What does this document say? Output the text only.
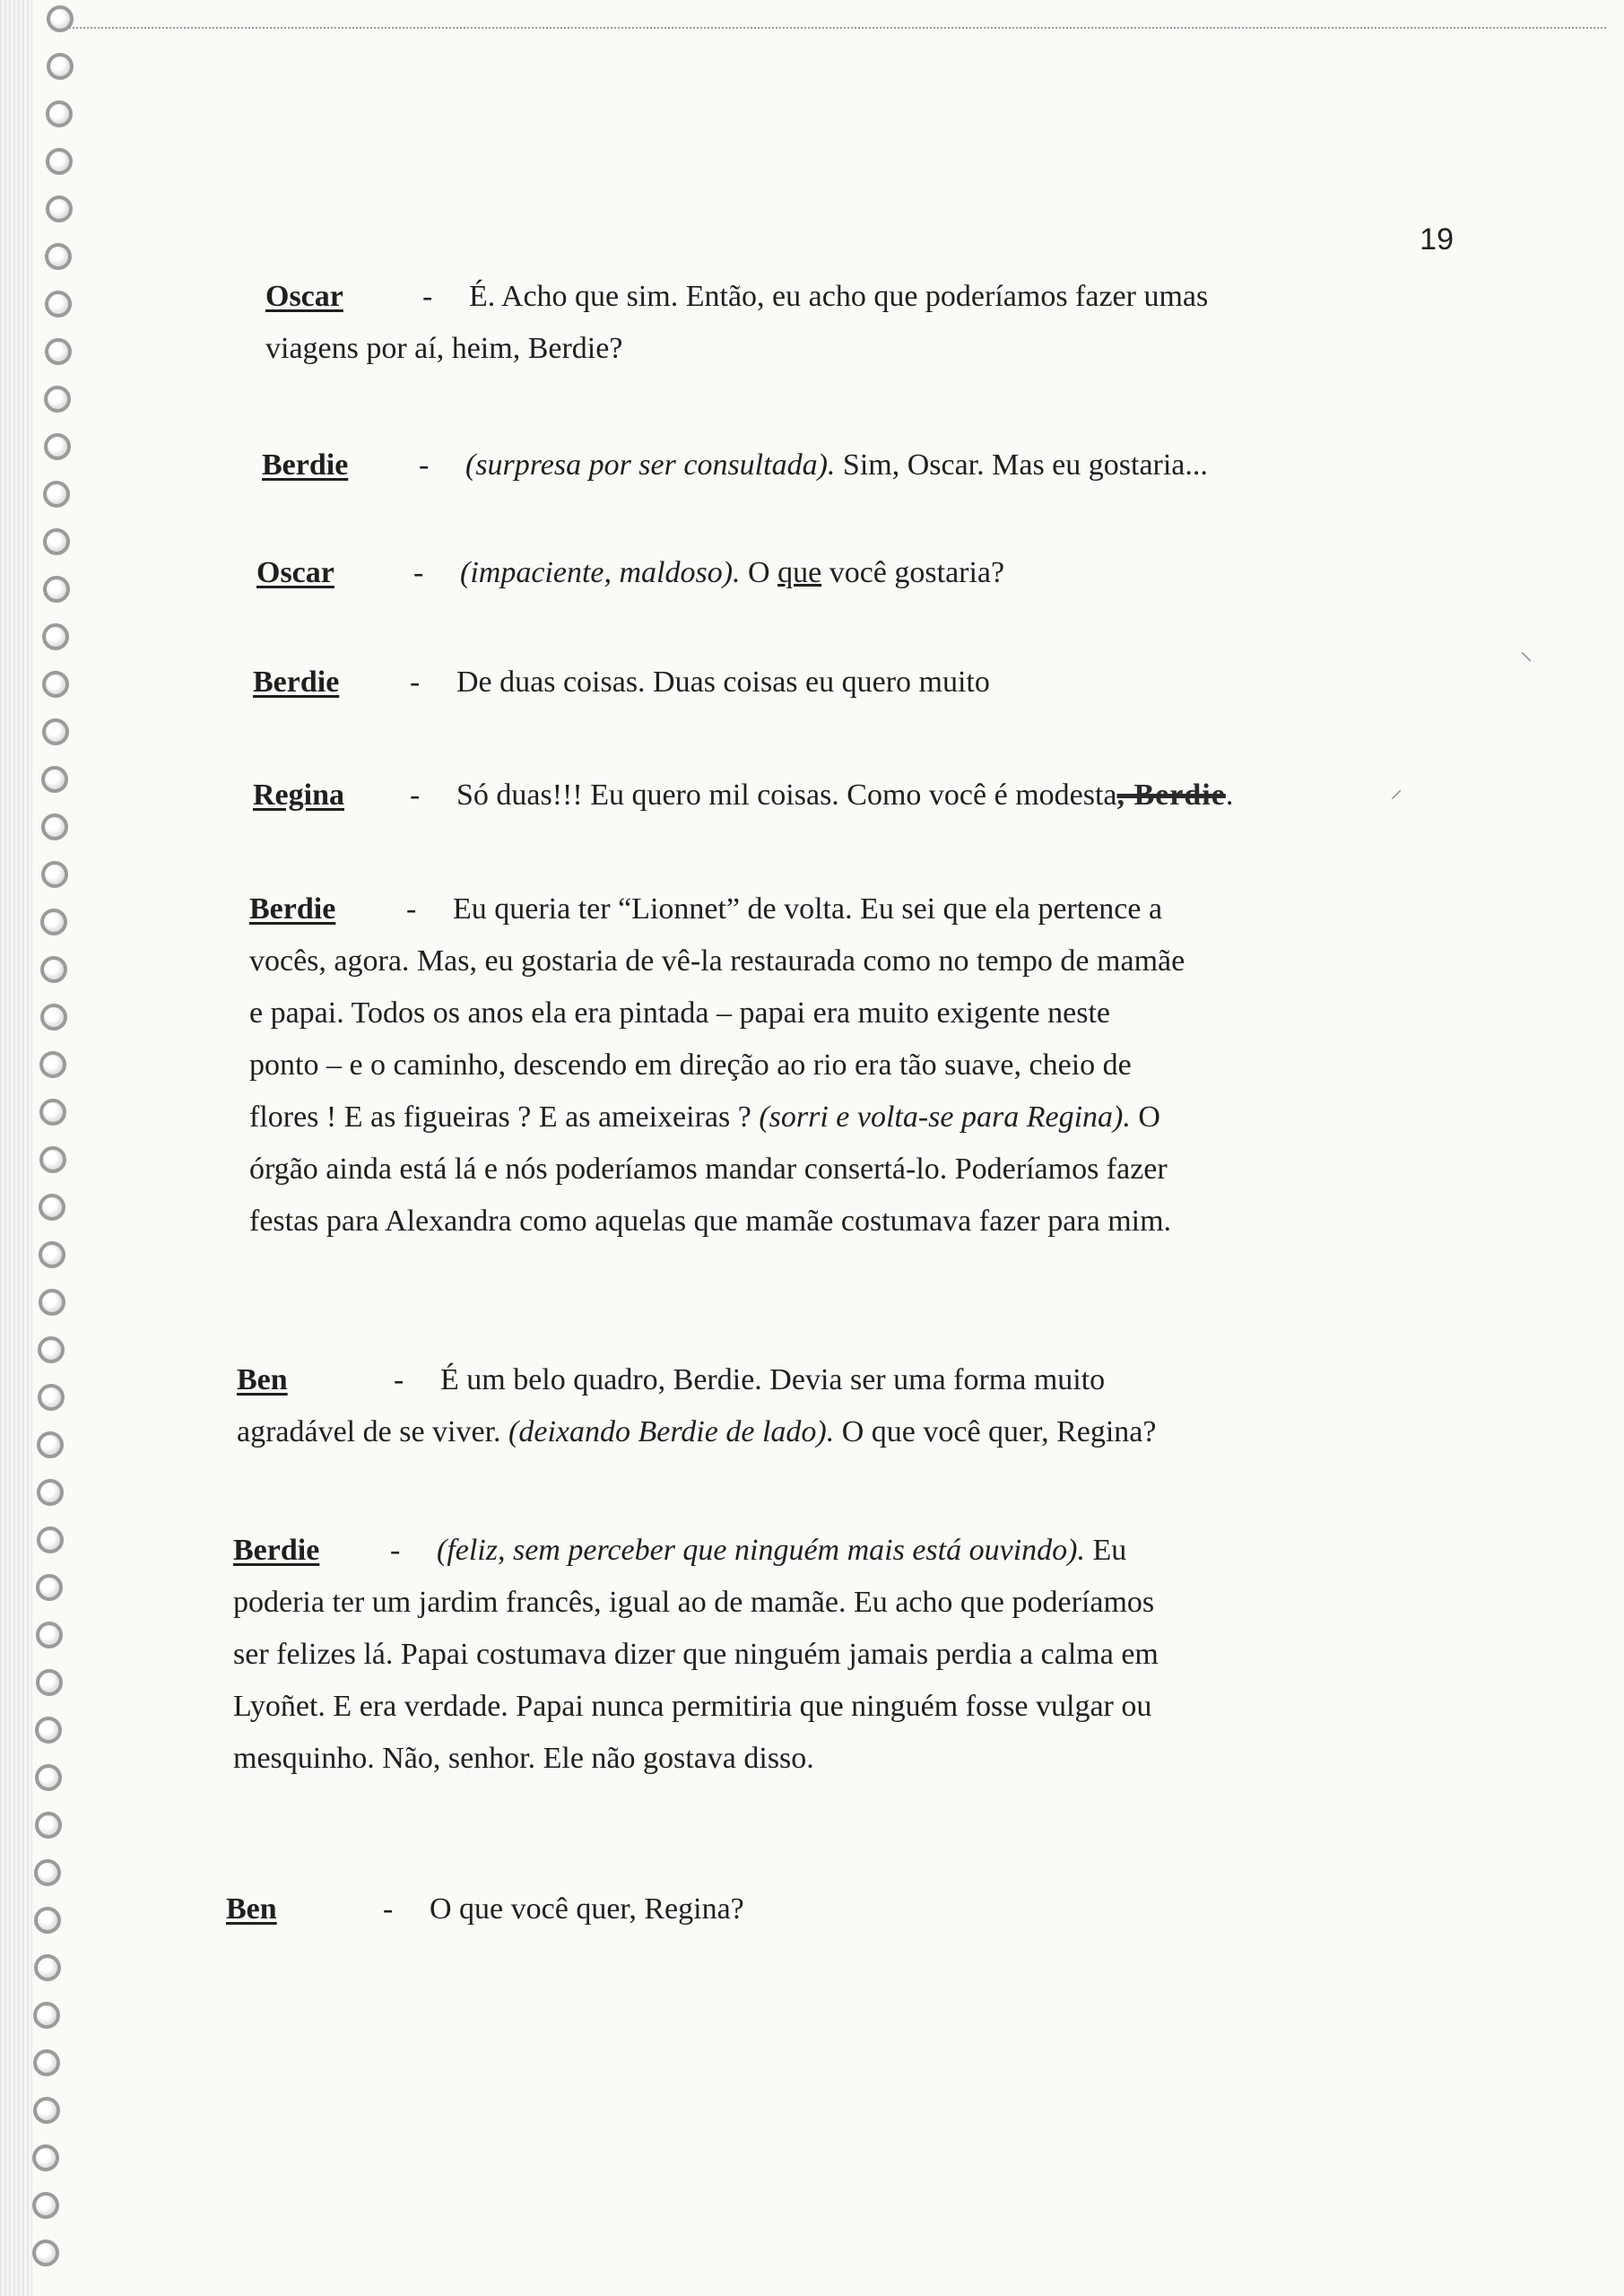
19
Oscar	-É. Acho que sim. Então, eu acho que poderíamos fazer umas
viagens por aí, heim, Berdie?
Berdie -(surpresa por ser consultada). Sim, Oscar. Mas eu gostaria...
Oscar	-(impaciente, maldoso). O que você gostaria?
Berdie -De duas coisas. Duas coisas eu quero muito
Regina -Só duas!!! Eu quero mil coisas. Como você é modesta, Berdie.
Berdie -Eu queria ter “Lionnet” de volta. Eu sei que ela pertence a
vocês, agora. Mas, eu gostaria de vê-la restaurada como no tempo de mamãe
e papai. Todos os anos ela era pintada – papai era muito exigente neste
ponto – e o caminho, descendo em direção ao rio era tão suave, cheio de
flores ! E as figueiras ? E as ameixeiras ? (sorri e volta-se para Regina). O
órgão ainda está lá e nós poderíamos mandar consertá-lo. Poderíamos fazer
festas para Alexandra como aquelas que mamãe costumava fazer para mim.
Ben	-É um belo quadro, Berdie. Devia ser uma forma muito
agradável de se viver. (deixando Berdie de lado). O que você quer, Regina?
Berdie -(feliz, sem perceber que ninguém mais está ouvindo). Eu
poderia ter um jardim francês, igual ao de mamãe. Eu acho que poderíamos
ser felizes lá. Papai costumava dizer que ninguém jamais perdia a calma em
Lyoñet. E era verdade. Papai nunca permitiria que ninguém fosse vulgar ou
mesquinho. Não, senhor. Ele não gostava disso.
Ben	-O que você quer, Regina?
⸌
⸝
